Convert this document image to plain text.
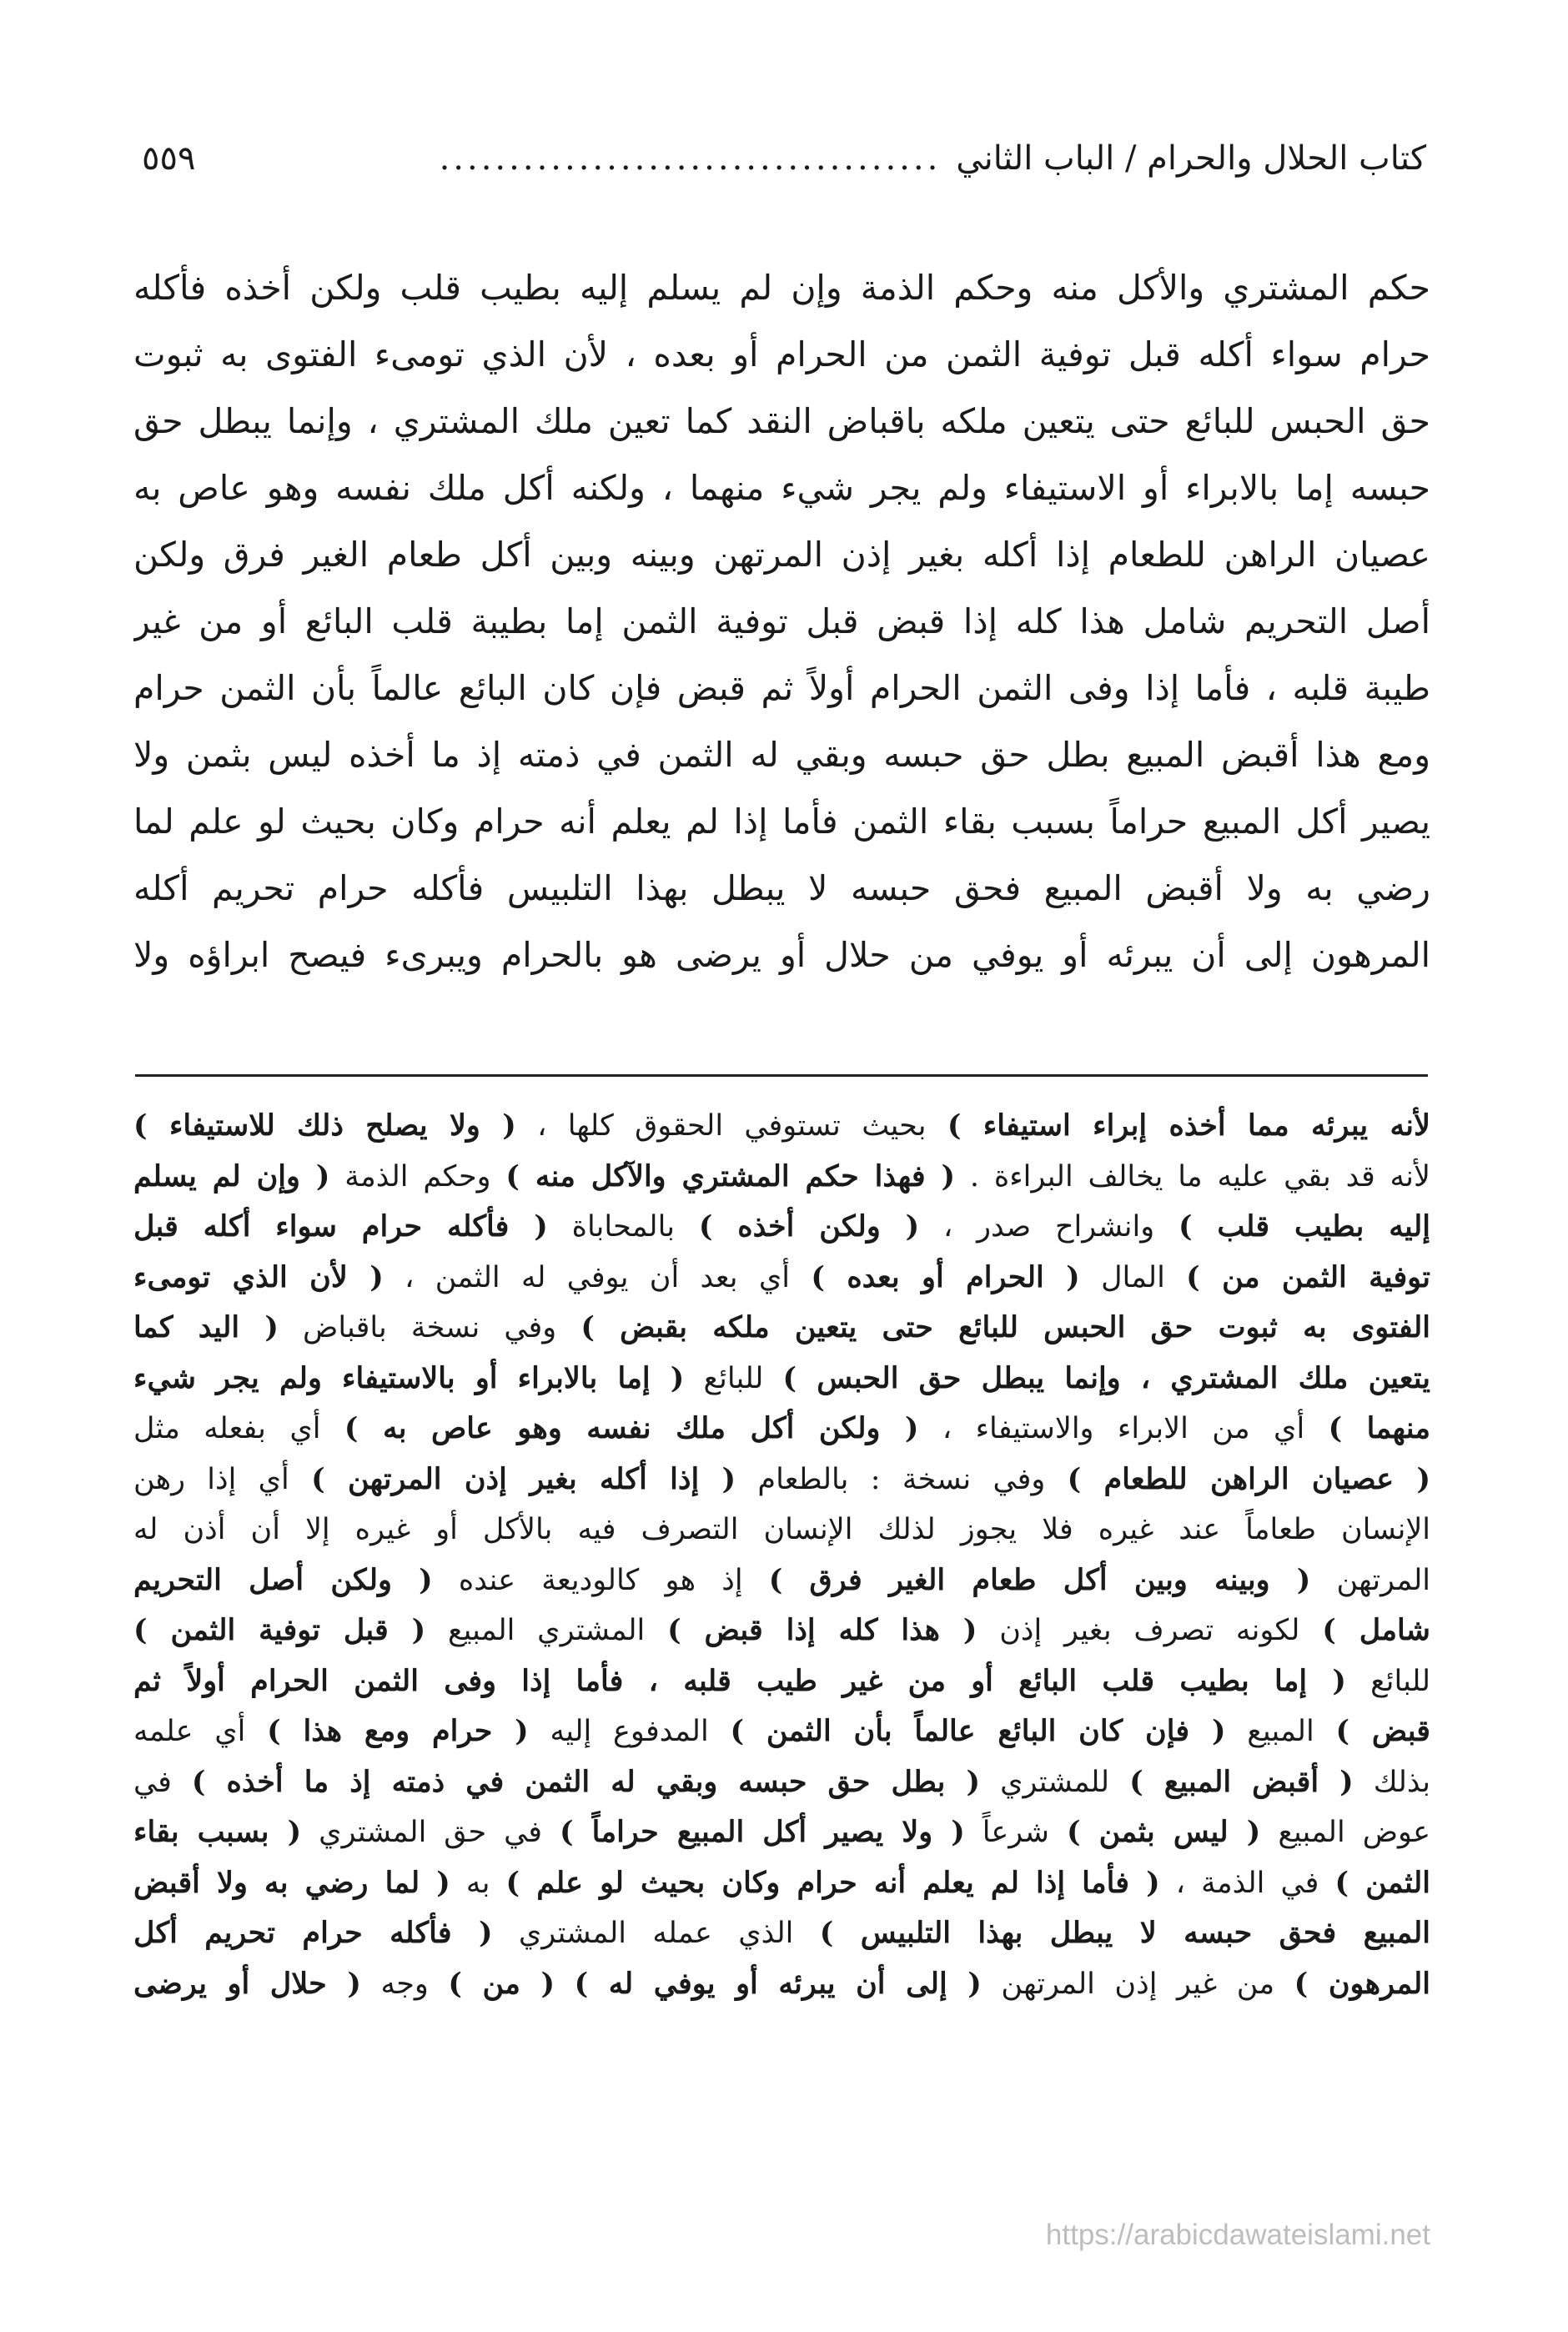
كتاب الحلال والحرام / الباب الثاني
....................................
٥٥٩
حكم المشتري والأكل منه وحكم الذمة وإن لم يسلم إليه بطيب قلب ولكن أخذه فأكله
حرام سواء أكله قبل توفية الثمن من الحرام أو بعده ، لأن الذي تومىء الفتوى به ثبوت
حق الحبس للبائع حتى يتعين ملكه باقباض النقد كما تعين ملك المشتري ، وإنما يبطل حق
حبسه إما بالابراء أو الاستيفاء ولم يجر شيء منهما ، ولكنه أكل ملك نفسه وهو عاص به
عصيان الراهن للطعام إذا أكله بغير إذن المرتهن وبينه وبين أكل طعام الغير فرق ولكن
أصل التحريم شامل هذا كله إذا قبض قبل توفية الثمن إما بطيبة قلب البائع أو من غير
طيبة قلبه ، فأما إذا وفى الثمن الحرام أولاً ثم قبض فإن كان البائع عالماً بأن الثمن حرام
ومع هذا أقبض المبيع بطل حق حبسه وبقي له الثمن في ذمته إذ ما أخذه ليس بثمن ولا
يصير أكل المبيع حراماً بسبب بقاء الثمن فأما إذا لم يعلم أنه حرام وكان بحيث لو علم لما
رضي به ولا أقبض المبيع فحق حبسه لا يبطل بهذا التلبيس فأكله حرام تحريم أكله
المرهون إلى أن يبرئه أو يوفي من حلال أو يرضى هو بالحرام ويبرىء فيصح ابراؤه ولا
لأنه يبرئه مما أخذه إبراء استيفاء ) بحيث تستوفي الحقوق كلها ، ( ولا يصلح ذلك للاستيفاء )
لأنه قد بقي عليه ما يخالف البراءة . ( فهذا حكم المشتري والآكل منه ) وحكم الذمة ( وإن لم يسلم
إليه بطيب قلب ) وانشراح صدر ، ( ولكن أخذه ) بالمحاباة ( فأكله حرام سواء أكله قبل
توفية الثمن من ) المال ( الحرام أو بعده ) أي بعد أن يوفي له الثمن ، ( لأن الذي تومىء
الفتوى به ثبوت حق الحبس للبائع حتى يتعين ملكه بقبض ) وفي نسخة باقباض ( اليد كما
يتعين ملك المشتري ، وإنما يبطل حق الحبس ) للبائع ( إما بالابراء أو بالاستيفاء ولم يجر شيء
منهما ) أي من الابراء والاستيفاء ، ( ولكن أكل ملك نفسه وهو عاص به ) أي بفعله مثل
( عصيان الراهن للطعام ) وفي نسخة : بالطعام ( إذا أكله بغير إذن المرتهن ) أي إذا رهن
الإنسان طعاماً عند غيره فلا يجوز لذلك الإنسان التصرف فيه بالأكل أو غيره إلا أن أذن له
المرتهن ( وبينه وبين أكل طعام الغير فرق ) إذ هو كالوديعة عنده ( ولكن أصل التحريم
شامل ) لكونه تصرف بغير إذن ( هذا كله إذا قبض ) المشتري المبيع ( قبل توفية الثمن )
للبائع ( إما بطيب قلب البائع أو من غير طيب قلبه ، فأما إذا وفى الثمن الحرام أولاً ثم
قبض ) المبيع ( فإن كان البائع عالماً بأن الثمن ) المدفوع إليه ( حرام ومع هذا ) أي علمه
بذلك ( أقبض المبيع ) للمشتري ( بطل حق حبسه وبقي له الثمن في ذمته إذ ما أخذه ) في
عوض المبيع ( ليس بثمن ) شرعاً ( ولا يصير أكل المبيع حراماً ) في حق المشتري ( بسبب بقاء
الثمن ) في الذمة ، ( فأما إذا لم يعلم أنه حرام وكان بحيث لو علم ) به ( لما رضي به ولا أقبض
المبيع فحق حبسه لا يبطل بهذا التلبيس ) الذي عمله المشتري ( فأكله حرام تحريم أكل
المرهون ) من غير إذن المرتهن ( إلى أن يبرئه أو يوفي له ) ( من ) وجه ( حلال أو يرضى
https://arabicdawateislami.net
